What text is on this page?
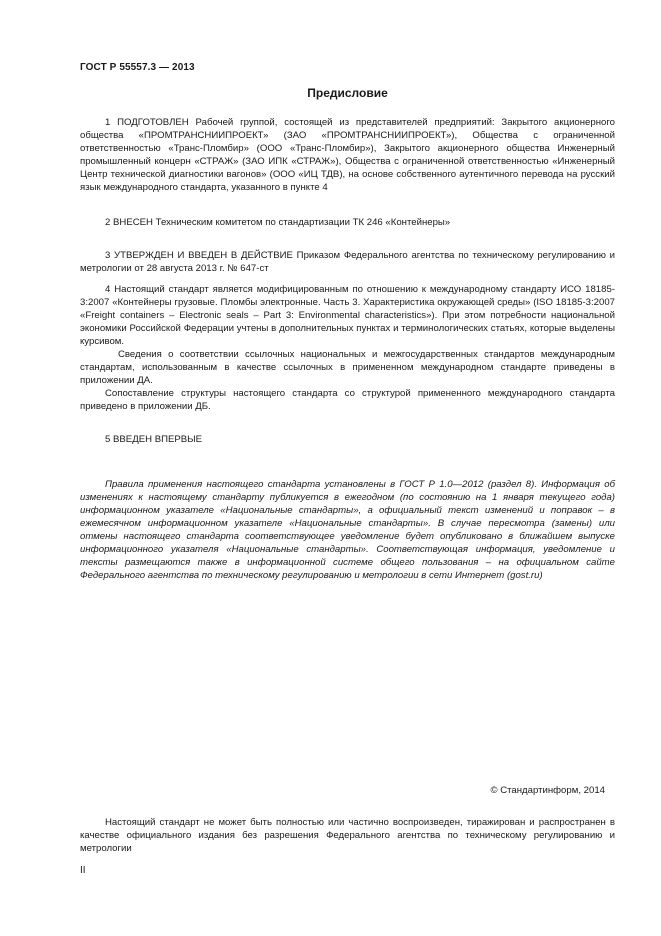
ГОСТ Р 55557.3 — 2013
Предисловие

1 ПОДГОТОВЛЕН Рабочей группой, состоящей из представителей предприятий: Закрытого акционерного общества «ПРОМТРАНСНИИПРОЕКТ» (ЗАО «ПРОМТРАНСНИИПРОЕКТ»), Общества с ограниченной ответственностью «Транс-Пломбир» (ООО «Транс-Пломбир»), Закрытого акционерного общества Инженерный промышленный концерн «СТРАЖ» (ЗАО ИПК «СТРАЖ»), Общества с ограниченной ответственностью «Инженерный Центр технической диагностики вагонов» (ООО «ИЦ ТДВ), на основе собственного аутентичного перевода на русский язык международного стандарта, указанного в пункте 4

2 ВНЕСЕН Техническим комитетом по стандартизации ТК 246 «Контейнеры»

3 УТВЕРЖДЕН И ВВЕДЕН В ДЕЙСТВИЕ Приказом Федерального агентства по техническому регулированию и метрологии от 28 августа 2013 г. № 647-ст

4 Настоящий стандарт является модифицированным по отношению к международному стандарту ИСО 18185-3:2007 «Контейнеры грузовые. Пломбы электронные. Часть 3. Характеристика окружающей среды» (ISO 18185-3:2007 «Freight containers – Electronic seals – Part 3: Environmental characteristics»). При этом потребности национальной экономики Российской Федерации учтены в дополнительных пунктах и терминологических статьях, которые выделены курсивом.

Сведения о соответствии ссылочных национальных и межгосударственных стандартов международным стандартам, использованным в качестве ссылочных в примененном международном стандарте приведены в приложении ДА.

Сопоставление структуры настоящего стандарта со структурой примененного международного стандарта приведено в приложении ДБ.

5 ВВЕДЕН ВПЕРВЫЕ

Правила применения настоящего стандарта установлены в ГОСТ Р 1.0—2012 (раздел 8). Информация об изменениях к настоящему стандарту публикуется в ежегодном (по состоянию на 1 января текущего года) информационном указателе «Национальные стандарты», а официальный текст изменений и поправок – в ежемесячном информационном указателе «Национальные стандарты». В случае пересмотра (замены) или отмены настоящего стандарта соответствующее уведомление будет опубликовано в ближайшем выпуске информационного указателя «Национальные стандарты». Соответствующая информация, уведомление и тексты размещаются также в информационной системе общего пользования – на официальном сайте Федерального агентства по техническому регулированию и метрологии в сети Интернет (gost.ru)

© Стандартинформ, 2014

Настоящий стандарт не может быть полностью или частично воспроизведен, тиражирован и распространен в качестве официального издания без разрешения Федерального агентства по техническому регулированию и метрологии

II
